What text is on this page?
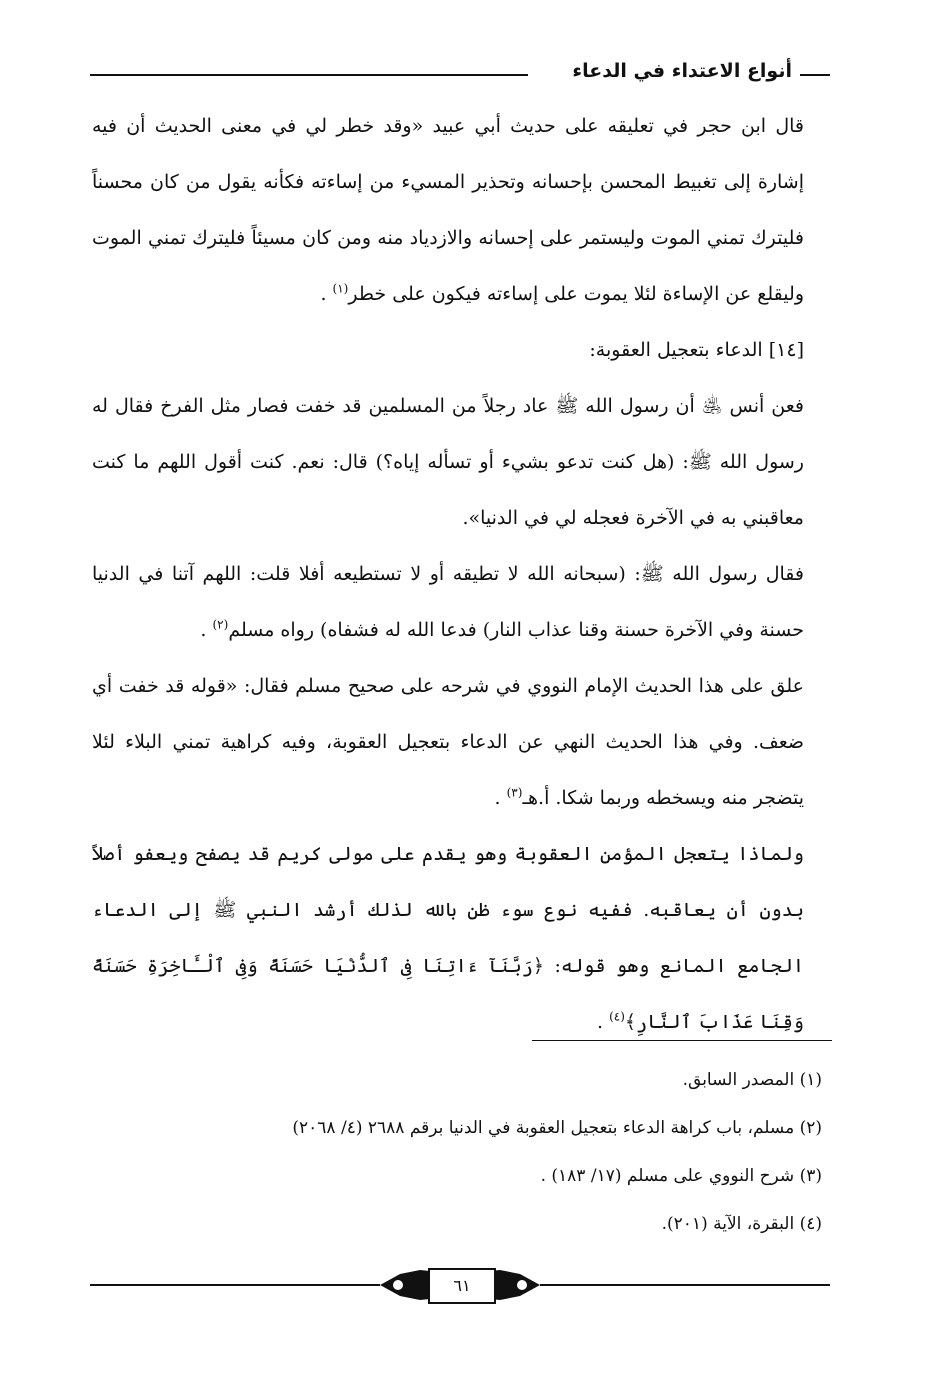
أنواع الاعتداء في الدعاء

قال ابن حجر في تعليقه على حديث أبي عبيد «وقد خطر لي في معنى الحديث أن فيه إشارة إلى تغبيط المحسن بإحسانه وتحذير المسيء من إساءته فكأنه يقول من كان محسناً فليترك تمني الموت وليستمر على إحسانه والازدياد منه ومن كان مسيئاً فليترك تمني الموت وليقلع عن الإساءة لئلا يموت على إساءته فيكون على خطر$^{(١)}$ .

[١٤] الدعاء بتعجيل العقوبة:

فعن أنس ﵁ أن رسول الله ﷺ عاد رجلاً من المسلمين قد خفت فصار مثل الفرخ فقال له رسول الله ﷺ: (هل كنت تدعو بشيء أو تسأله إياه؟) قال: نعم. كنت أقول اللهم ما كنت معاقبني به في الآخرة فعجله لي في الدنيا».

فقال رسول الله ﷺ: (سبحانه الله لا تطيقه أو لا تستطيعه أفلا قلت: اللهم آتنا في الدنيا حسنة وفي الآخرة حسنة وقنا عذاب النار) فدعا الله له فشفاه) رواه مسلم$^{(٢)}$ .

علق على هذا الحديث الإمام النووي في شرحه على صحيح مسلم فقال: «قوله قد خفت أي ضعف. وفي هذا الحديث النهي عن الدعاء بتعجيل العقوبة، وفيه كراهية تمني البلاء لئلا يتضجر منه ويسخطه وربما شكا. أ.هـ$^{(٣)}$ .

ولماذا يتعجل المؤمن العقوبة وهو يقدم على مولى كريم قد يصفح ويعفو أصلاً بدون أن يعاقبه. ففيه نوع سوء ظن بالله لذلك أرشد النبي ﷺ إلى الدعاء الجامع المانع وهو قوله: ﴿رَبَّنَآ ءَاتِنَا فِى ٱلدُّنْيَا حَسَنَةً وَفِى ٱلْـَٔاخِرَةِ حَسَنَةً وَقِنَا عَذَابَ ٱلنَّارِ﴾$^{(٤)}$ .

(١) المصدر السابق.
(٢) مسلم، باب كراهة الدعاء بتعجيل العقوبة في الدنيا برقم ٢٦٨٨ (٤/ ٢٠٦٨)
(٣) شرح النووي على مسلم (١٧/ ١٨٣) .
(٤) البقرة، الآية (٢٠١).
٦١
